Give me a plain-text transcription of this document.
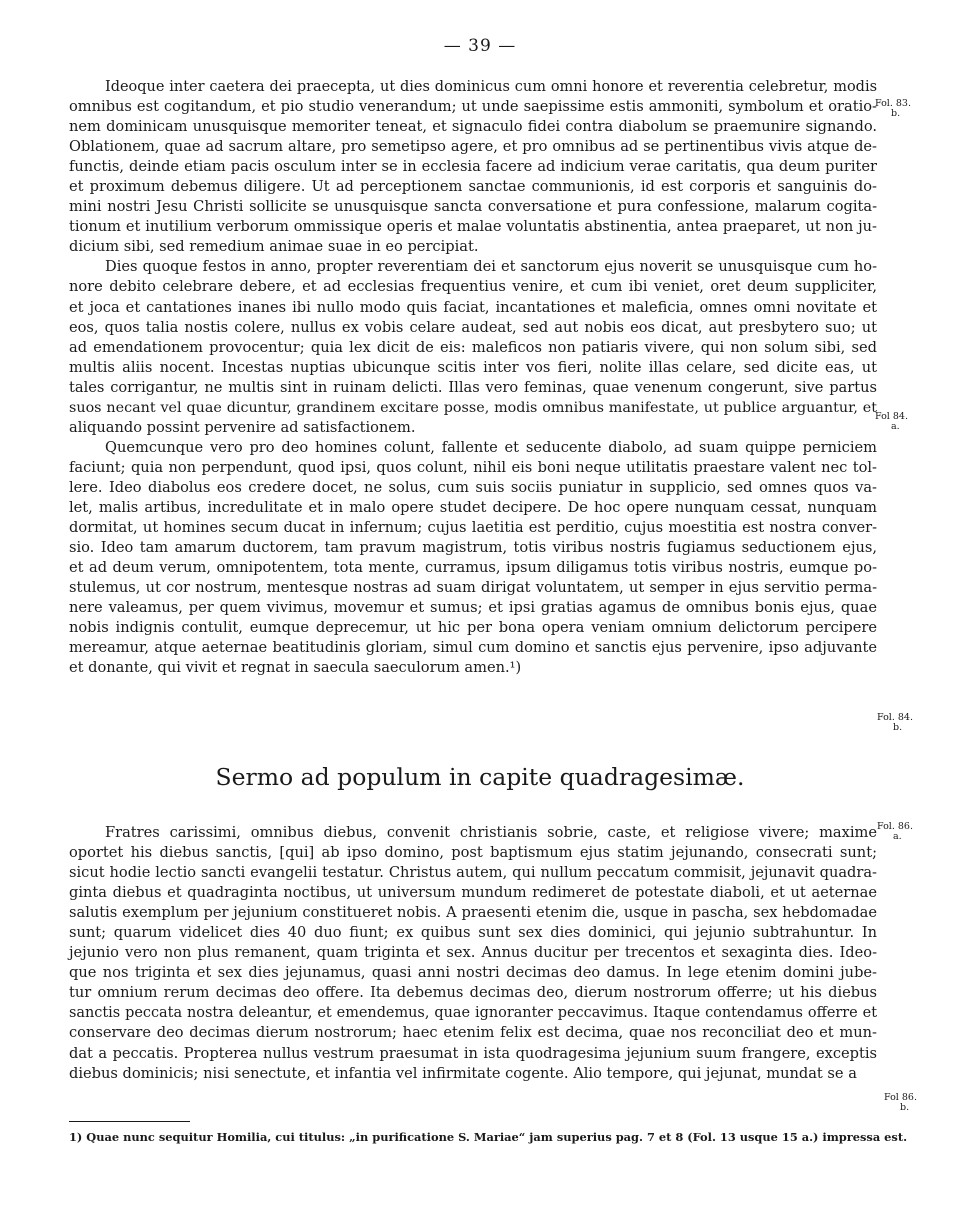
— 39 —
Ideoque inter caetera dei praecepta, ut dies dominicus cum omni honore et reverentia celebretur, modis
omnibus est cogitandum, et pio studio venerandum; ut unde saepissime estis ammoniti, symbolum et oratio-
nem dominicam unusquisque memoriter teneat, et signaculo fidei contra diabolum se praemunire signando.
Oblationem, quae ad sacrum altare, pro semetipso agere, et pro omnibus ad se pertinentibus vivis atque de-
functis, deinde etiam pacis osculum inter se in ecclesia facere ad indicium verae caritatis, qua deum puriter
et proximum debemus diligere. Ut ad perceptionem sanctae communionis, id est corporis et sanguinis do-
mini nostri Jesu Christi sollicite se unusquisque sancta conversatione et pura confessione, malarum cogita-
tionum et inutilium verborum ommissique operis et malae voluntatis abstinentia, antea praeparet, ut non ju-
dicium sibi, sed remedium animae suae in eo percipiat.
Dies quoque festos in anno, propter reverentiam dei et sanctorum ejus noverit se unusquisque cum ho-
nore debito celebrare debere, et ad ecclesias frequentius venire, et cum ibi veniet, oret deum suppliciter,
et joca et cantationes inanes ibi nullo modo quis faciat, incantationes et maleficia, omnes omni novitate et
eos, quos talia nostis colere, nullus ex vobis celare audeat, sed aut nobis eos dicat, aut presbytero suo; ut
ad emendationem provocentur; quia lex dicit de eis: maleficos non patiaris vivere, qui non solum sibi, sed
multis aliis nocent. Incestas nuptias ubicunque scitis inter vos fieri, nolite illas celare, sed dicite eas, ut
tales corrigantur, ne multis sint in ruinam delicti. Illas vero feminas, quae venenum congerunt, sive partus
suos necant vel quae dicuntur, grandinem excitare posse, modis omnibus manifestate, ut publice arguantur, et
aliquando possint pervenire ad satisfactionem.
Quemcunque vero pro deo homines colunt, fallente et seducente diabolo, ad suam quippe perniciem
faciunt; quia non perpendunt, quod ipsi, quos colunt, nihil eis boni neque utilitatis praestare valent nec tol-
lere. Ideo diabolus eos credere docet, ne solus, cum suis sociis puniatur in supplicio, sed omnes quos va-
let, malis artibus, incredulitate et in malo opere studet decipere. De hoc opere nunquam cessat, nunquam
dormitat, ut homines secum ducat in infernum; cujus laetitia est perditio, cujus moestitia est nostra conver-
sio. Ideo tam amarum ductorem, tam pravum magistrum, totis viribus nostris fugiamus seductionem ejus,
et ad deum verum, omnipotentem, tota mente, curramus, ipsum diligamus totis viribus nostris, eumque po-
stulemus, ut cor nostrum, mentesque nostras ad suam dirigat voluntatem, ut semper in ejus servitio perma-
nere valeamus, per quem vivimus, movemur et sumus; et ipsi gratias agamus de omnibus bonis ejus, quae
nobis indignis contulit, eumque deprecemur, ut hic per bona opera veniam omnium delictorum percipere
mereamur, atque aeternae beatitudinis gloriam, simul cum domino et sanctis ejus pervenire, ipso adjuvante
et donante, qui vivit et regnat in saecula saeculorum amen.¹)
Sermo ad populum in capite quadragesimæ.
Fratres carissimi, omnibus diebus, convenit christianis sobrie, caste, et religiose vivere; maxime
oportet his diebus sanctis, [qui] ab ipso domino, post baptismum ejus statim jejunando, consecrati sunt;
sicut hodie lectio sancti evangelii testatur. Christus autem, qui nullum peccatum commisit, jejunavit quadra-
ginta diebus et quadraginta noctibus, ut universum mundum redimeret de potestate diaboli, et ut aeternae
salutis exemplum per jejunium constitueret nobis. A praesenti etenim die, usque in pascha, sex hebdomadae
sunt; quarum videlicet dies 40 duo fiunt; ex quibus sunt sex dies dominici, qui jejunio subtrahuntur. In
jejunio vero non plus remanent, quam triginta et sex. Annus ducitur per trecentos et sexaginta dies. Ideo-
que nos triginta et sex dies jejunamus, quasi anni nostri decimas deo damus. In lege etenim domini jube-
tur omnium rerum decimas deo offere. Ita debemus decimas deo, dierum nostrorum offerre; ut his diebus
sanctis peccata nostra deleantur, et emendemus, quae ignoranter peccavimus. Itaque contendamus offerre et
conservare deo decimas dierum nostrorum; haec etenim felix est decima, quae nos reconciliat deo et mun-
dat a peccatis. Propterea nullus vestrum praesumat in ista quodragesima jejunium suum frangere, exceptis
diebus dominicis; nisi senectute, et infantia vel infirmitate cogente. Alio tempore, qui jejunat, mundat se a
Fol. 83.
b.
Fol 84.
a.
Fol. 84.
b.
Fol. 86.
a.
Fol 86.
b.
1) Quae nunc sequitur Homilia, cui titulus: „in purificatione S. Mariae“ jam superius pag. 7 et 8 (Fol. 13 usque 15 a.) impressa est.
